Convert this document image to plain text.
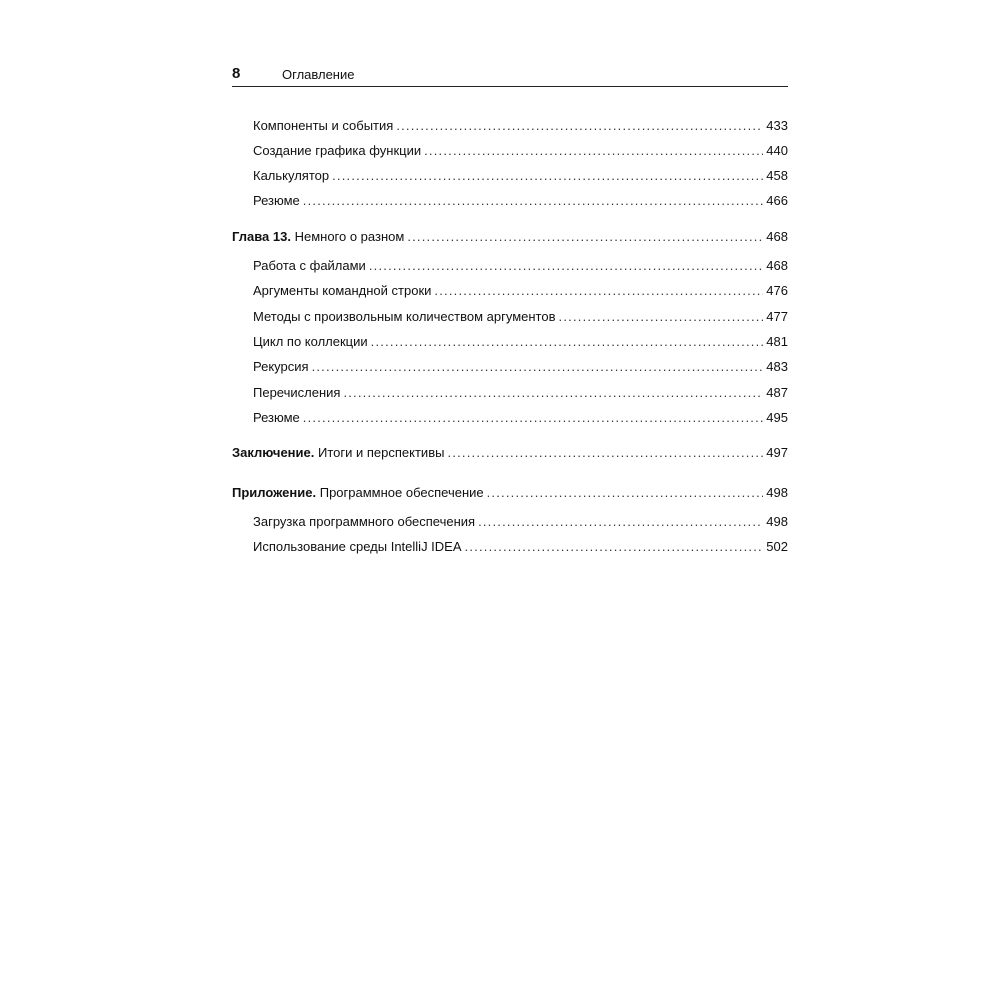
8	Оглавление
Компоненты и события .....	433
Создание графика функции .....	440
Калькулятор .....	458
Резюме .....	466
Глава 13. Немного о разном .....	468
Работа с файлами .....	468
Аргументы командной строки .....	476
Методы с произвольным количеством аргументов .....	477
Цикл по коллекции .....	481
Рекурсия .....	483
Перечисления .....	487
Резюме .....	495
Заключение. Итоги и перспективы .....	497
Приложение. Программное обеспечение .....	498
Загрузка программного обеспечения .....	498
Использование среды IntelliJ IDEA .....	502
